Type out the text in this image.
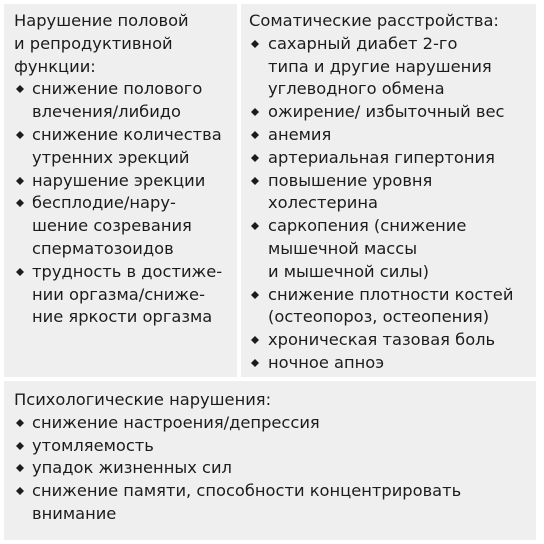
Нарушение половой

и репродуктивной

функции:

снижение полового

влечения/либидо

снижение количества

утренних эрекций

нарушение эрекции

бесплодие/нару-

шение созревания

сперматозоидов

трудность в достиже-

нии оргазма/сниже-

ние яркости оргазма

Соматические расстройства:

сахарный диабет 2-го

типа и другие нарушения

углеводного обмена

ожирение/ избыточный вес

анемия

артериальная гипертония

повышение уровня

холестерина

саркопения (снижение

мышечной массы

и мышечной силы)

снижение плотности костей

(остеопороз, остеопения)

хроническая тазовая боль

ночное апноэ

Психологические нарушения:

снижение настроения/депрессия

утомляемость

упадок жизненных сил

снижение памяти, способности концентрировать

внимание
